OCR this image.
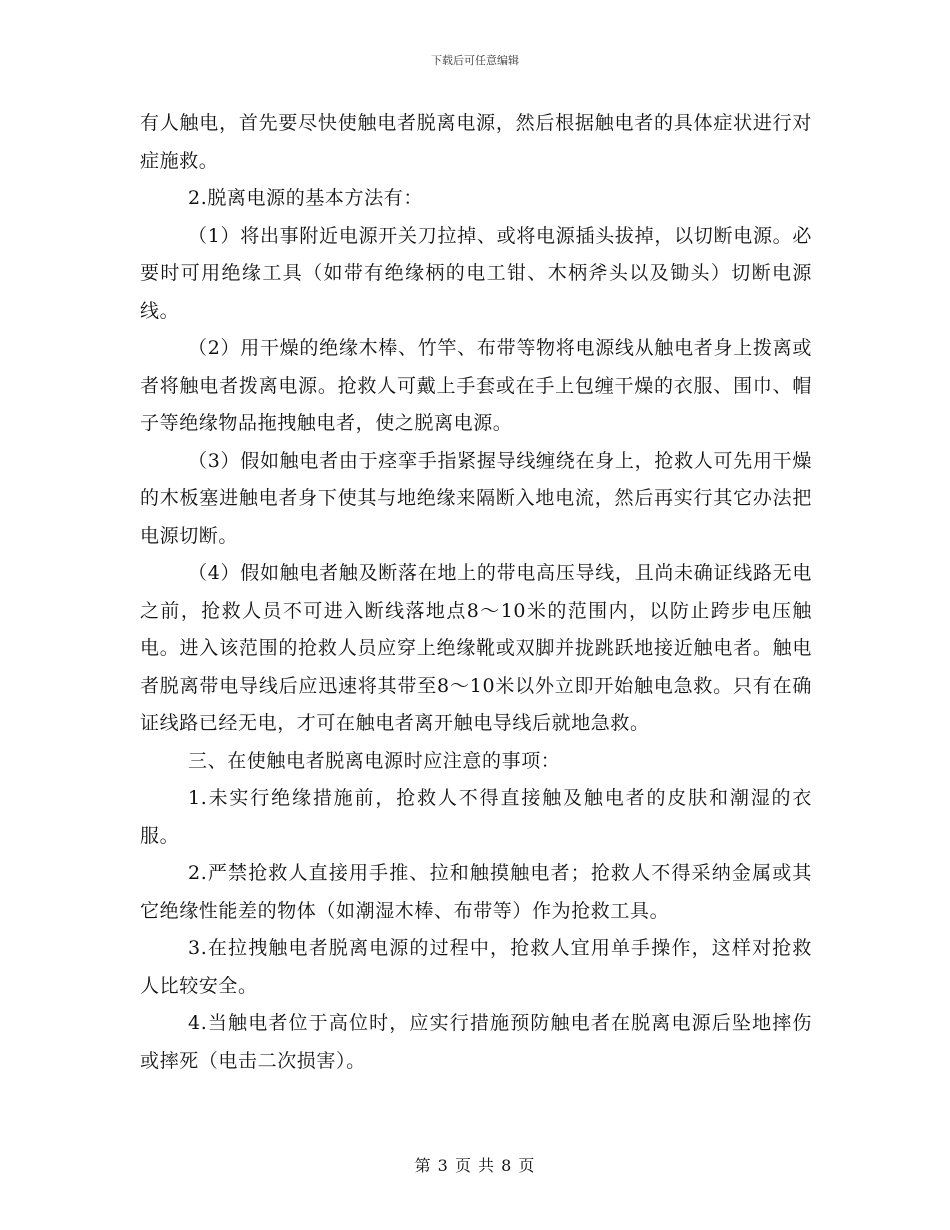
下载后可任意编辑

有人触电，首先要尽快使触电者脱离电源，然后根据触电者的具体症状进行对症施救。

2.脱离电源的基本方法有：

（1）将出事附近电源开关刀拉掉、或将电源插头拔掉，以切断电源。必要时可用绝缘工具（如带有绝缘柄的电工钳、木柄斧头以及锄头）切断电源线。

（2）用干燥的绝缘木棒、竹竿、布带等物将电源线从触电者身上拨离或者将触电者拨离电源。抢救人可戴上手套或在手上包缠干燥的衣服、围巾、帽子等绝缘物品拖拽触电者，使之脱离电源。

（3）假如触电者由于痉挛手指紧握导线缠绕在身上，抢救人可先用干燥的木板塞进触电者身下使其与地绝缘来隔断入地电流，然后再实行其它办法把电源切断。

（4）假如触电者触及断落在地上的带电高压导线，且尚未确证线路无电之前，抢救人员不可进入断线落地点8～10米的范围内，以防止跨步电压触电。进入该范围的抢救人员应穿上绝缘靴或双脚并拢跳跃地接近触电者。触电者脱离带电导线后应迅速将其带至8～10米以外立即开始触电急救。只有在确证线路已经无电，才可在触电者离开触电导线后就地急救。

三、在使触电者脱离电源时应注意的事项：

1.未实行绝缘措施前，抢救人不得直接触及触电者的皮肤和潮湿的衣服。

2.严禁抢救人直接用手推、拉和触摸触电者；抢救人不得采纳金属或其它绝缘性能差的物体（如潮湿木棒、布带等）作为抢救工具。

3.在拉拽触电者脱离电源的过程中，抢救人宜用单手操作，这样对抢救人比较安全。

4.当触电者位于高位时，应实行措施预防触电者在脱离电源后坠地摔伤或摔死（电击二次损害）。

第 3 页 共 8 页
